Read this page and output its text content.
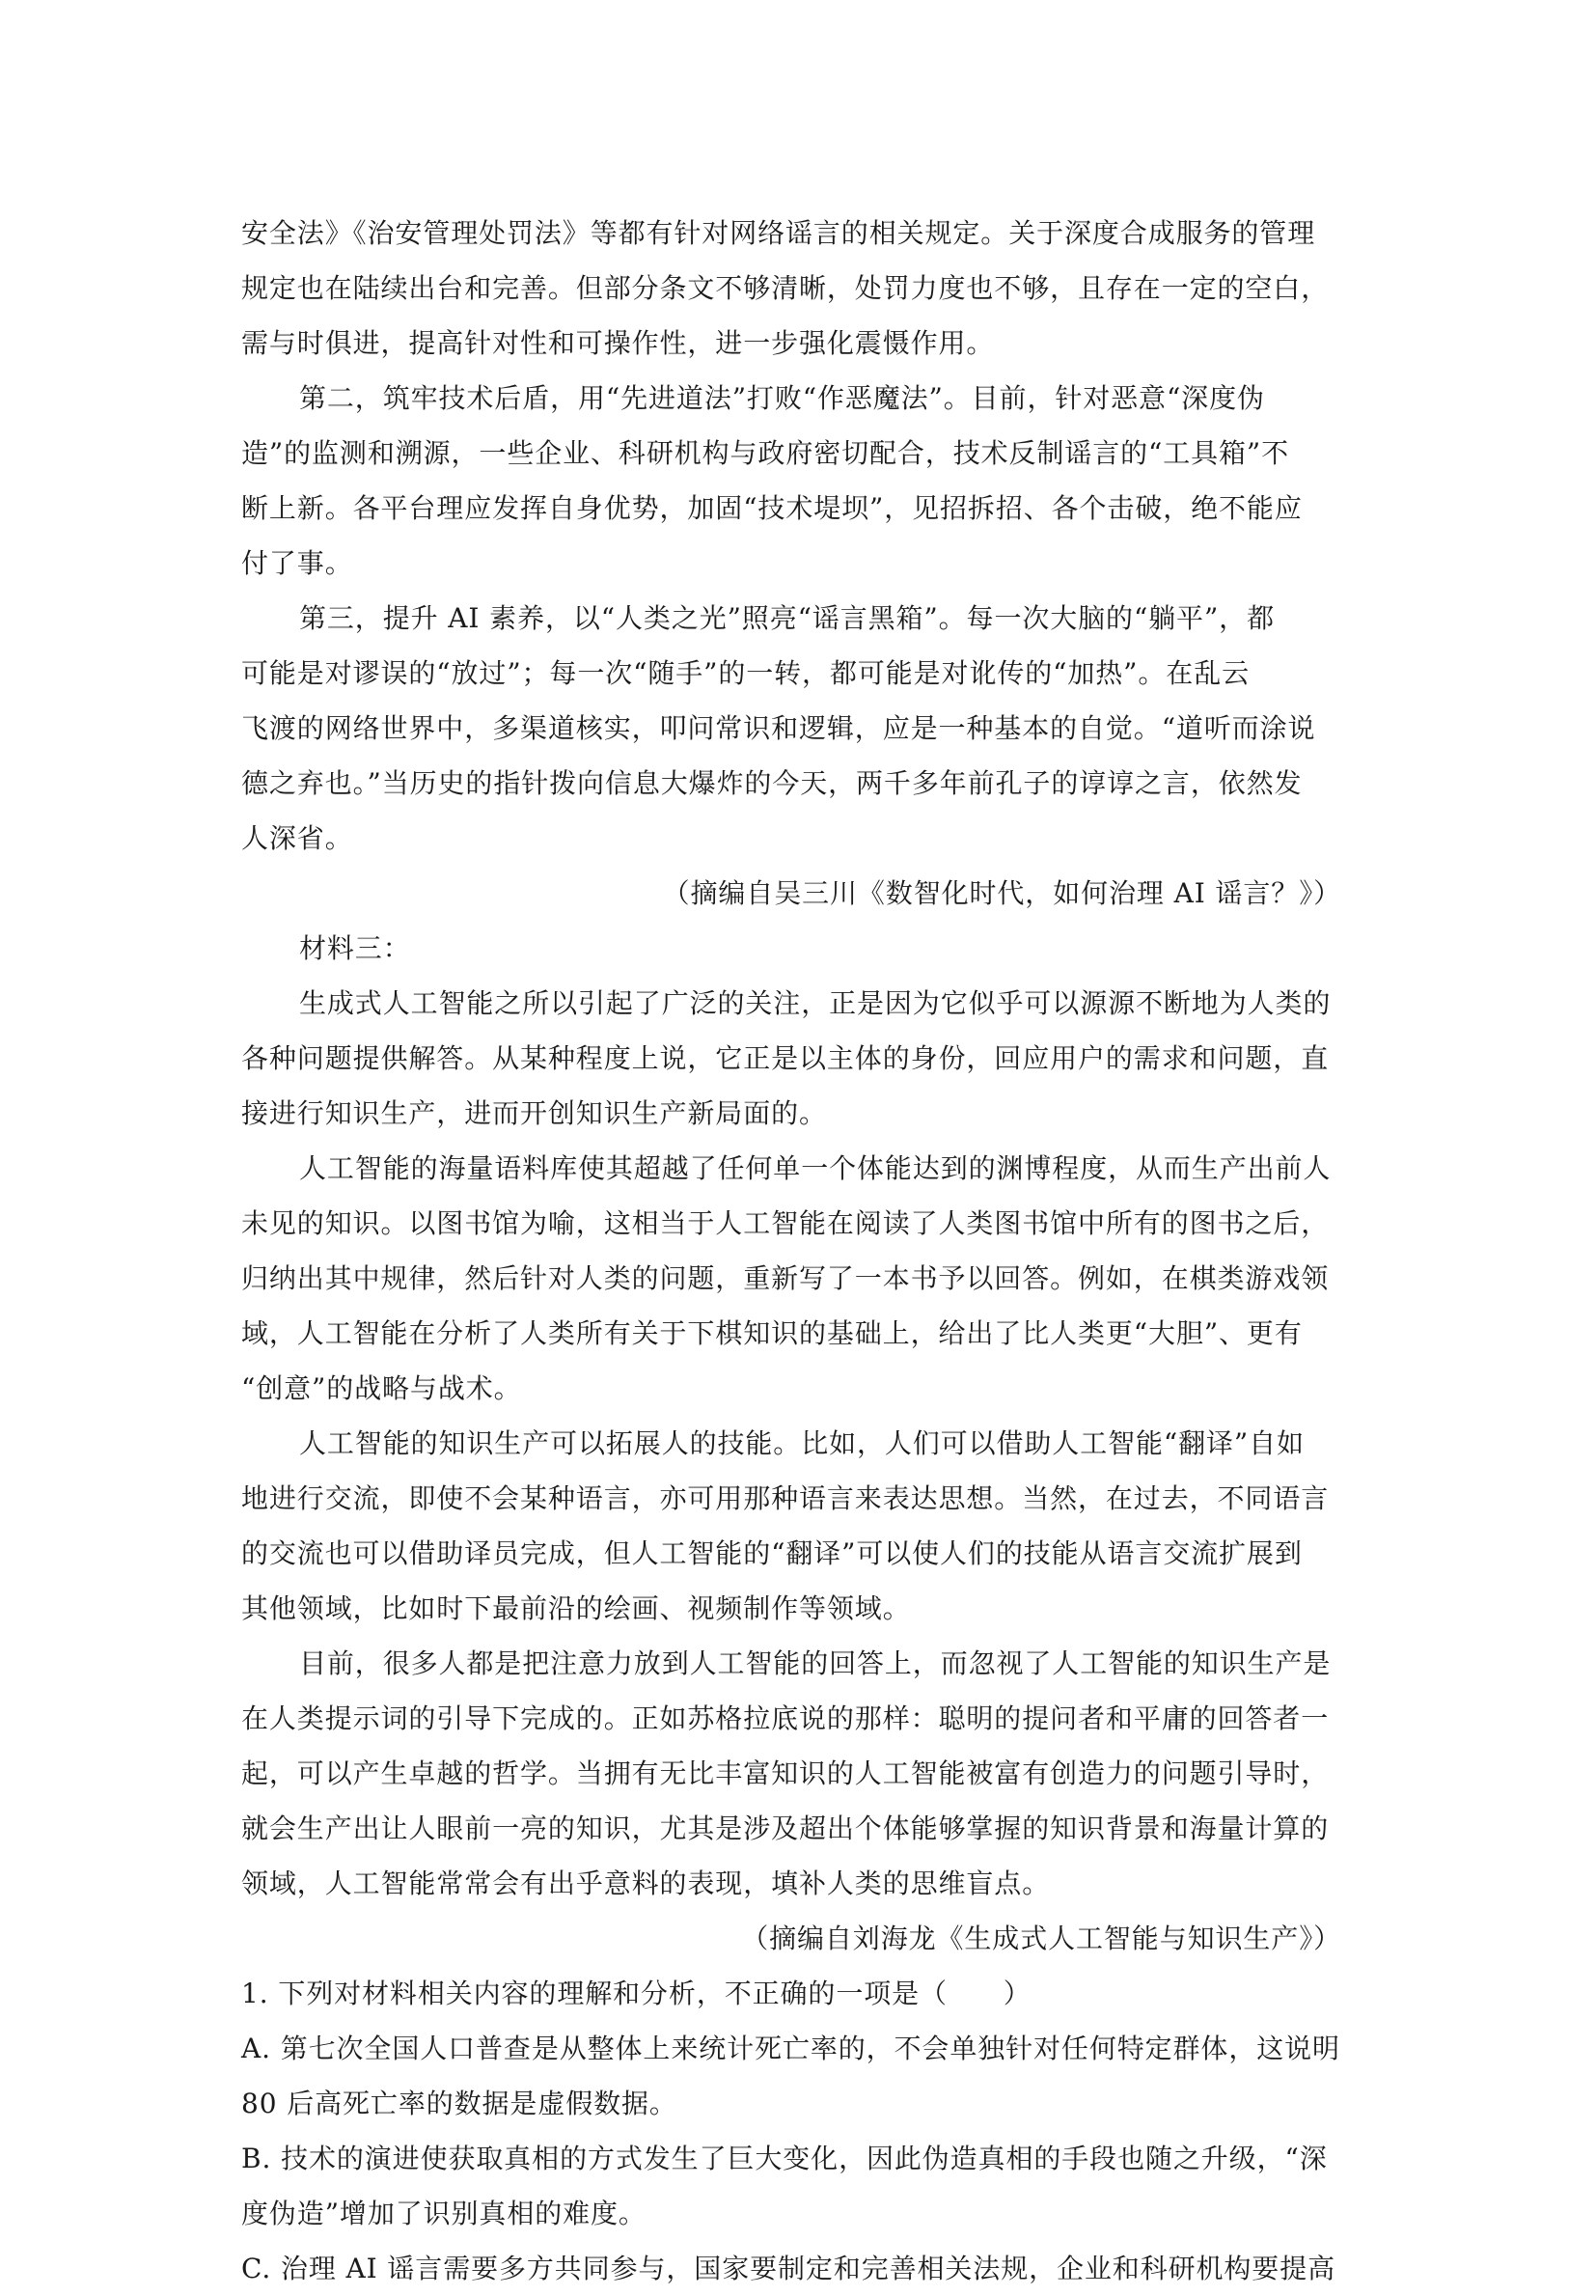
安全法》《治安管理处罚法》等都有针对网络谣言的相关规定。关于深度合成服务的管理
规定也在陆续出台和完善。但部分条文不够清晰，处罚力度也不够，且存在一定的空白，
需与时俱进，提高针对性和可操作性，进一步强化震慑作用。
第二，筑牢技术后盾，用“先进道法”打败“作恶魔法”。目前，针对恶意“深度伪
造”的监测和溯源，一些企业、科研机构与政府密切配合，技术反制谣言的“工具箱”不
断上新。各平台理应发挥自身优势，加固“技术堤坝”，见招拆招、各个击破，绝不能应
付了事。
第三，提升 AI 素养，以“人类之光”照亮“谣言黑箱”。每一次大脑的“躺平”，都
可能是对谬误的“放过”；每一次“随手”的一转，都可能是对讹传的“加热”。在乱云
飞渡的网络世界中，多渠道核实，叩问常识和逻辑，应是一种基本的自觉。“道听而涂说
德之弃也。”当历史的指针拨向信息大爆炸的今天，两千多年前孔子的谆谆之言，依然发
人深省。
（摘编自吴三川《数智化时代，如何治理 AI 谣言？》）
材料三：
生成式人工智能之所以引起了广泛的关注，正是因为它似乎可以源源不断地为人类的
各种问题提供解答。从某种程度上说，它正是以主体的身份，回应用户的需求和问题，直
接进行知识生产，进而开创知识生产新局面的。
人工智能的海量语料库使其超越了任何单一个体能达到的渊博程度，从而生产出前人
未见的知识。以图书馆为喻，这相当于人工智能在阅读了人类图书馆中所有的图书之后，
归纳出其中规律，然后针对人类的问题，重新写了一本书予以回答。例如，在棋类游戏领
域，人工智能在分析了人类所有关于下棋知识的基础上，给出了比人类更“大胆”、更有
“创意”的战略与战术。
人工智能的知识生产可以拓展人的技能。比如，人们可以借助人工智能“翻译”自如
地进行交流，即使不会某种语言，亦可用那种语言来表达思想。当然，在过去，不同语言
的交流也可以借助译员完成，但人工智能的“翻译”可以使人们的技能从语言交流扩展到
其他领域，比如时下最前沿的绘画、视频制作等领域。
目前，很多人都是把注意力放到人工智能的回答上，而忽视了人工智能的知识生产是
在人类提示词的引导下完成的。正如苏格拉底说的那样：聪明的提问者和平庸的回答者一
起，可以产生卓越的哲学。当拥有无比丰富知识的人工智能被富有创造力的问题引导时，
就会生产出让人眼前一亮的知识，尤其是涉及超出个体能够掌握的知识背景和海量计算的
领域，人工智能常常会有出乎意料的表现，填补人类的思维盲点。
（摘编自刘海龙《生成式人工智能与知识生产》）
1. 下列对材料相关内容的理解和分析，不正确的一项是（　　）
A. 第七次全国人口普查是从整体上来统计死亡率的，不会单独针对任何特定群体，这说明
80 后高死亡率的数据是虚假数据。
B. 技术的演进使获取真相的方式发生了巨大变化，因此伪造真相的手段也随之升级，“深
度伪造”增加了识别真相的难度。
C. 治理 AI 谣言需要多方共同参与，国家要制定和完善相关法规，企业和科研机构要提高
